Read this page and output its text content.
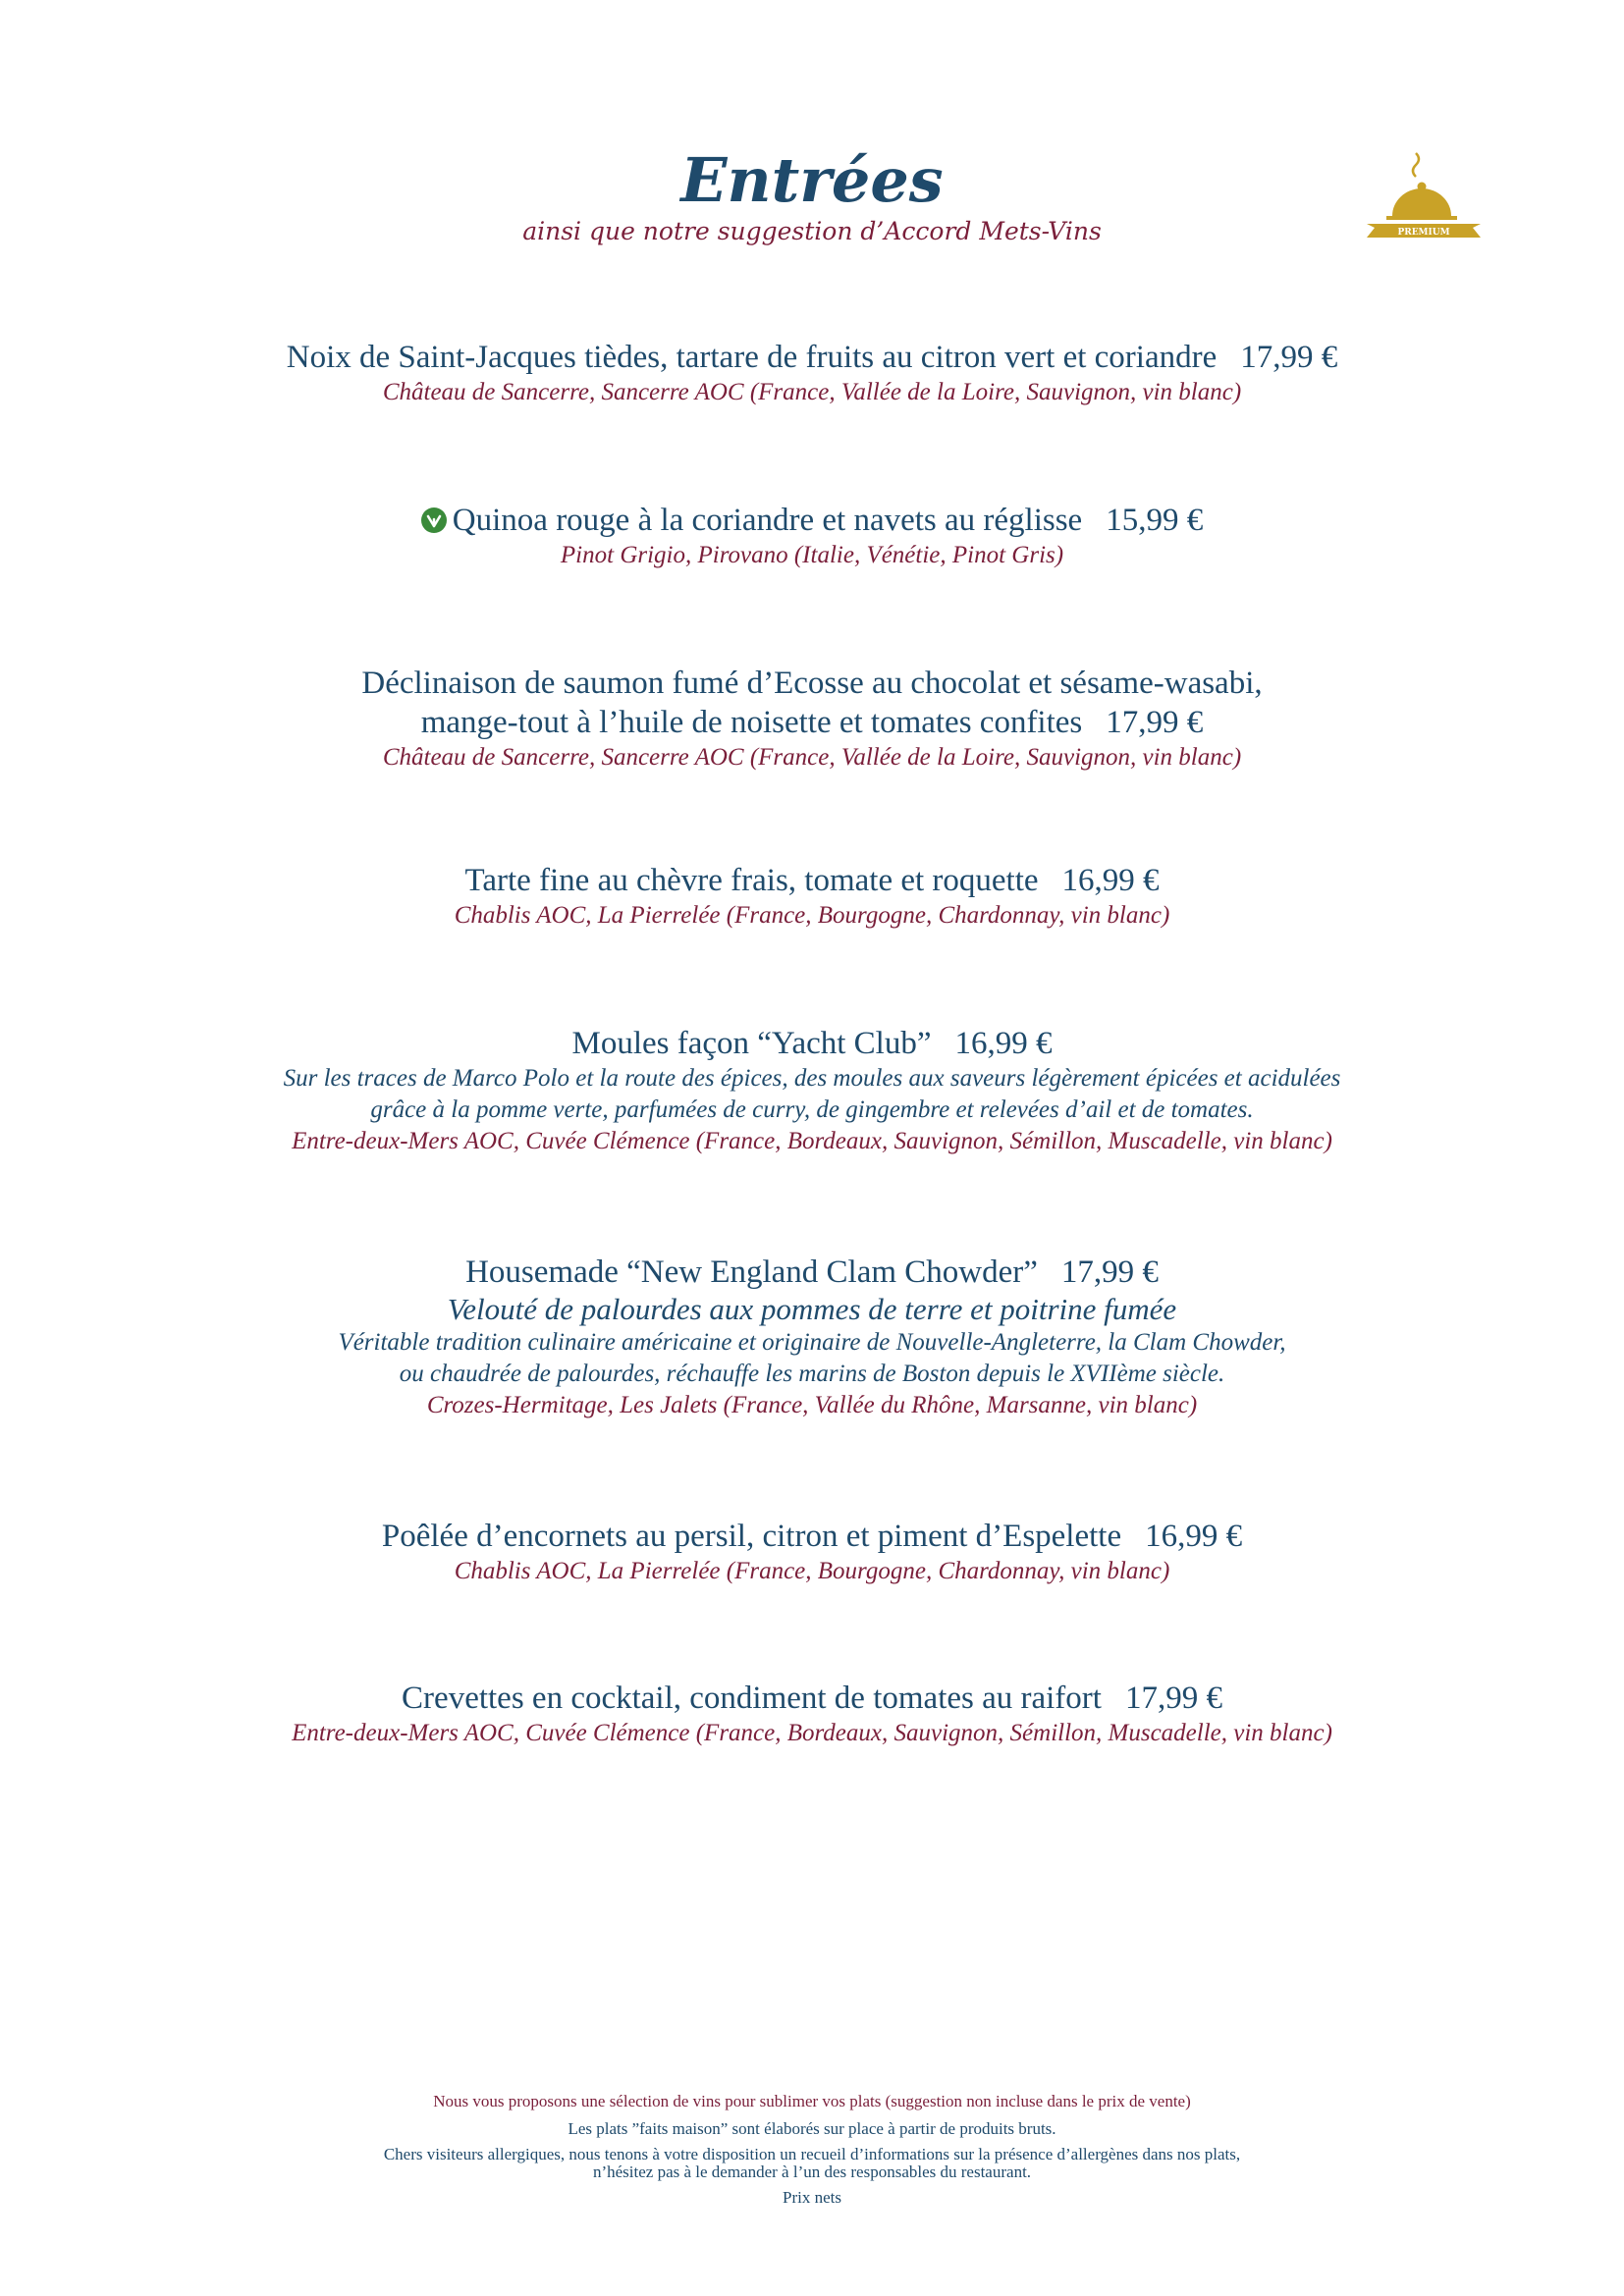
Entrées

ainsi que notre suggestion d’Accord Mets-Vins	PREMIUM
Noix de Saint-Jacques tièdes, tartare de fruits au citron vert et coriandre 17,99 €
Château de Sancerre, Sancerre AOC (France, Vallée de la Loire, Sauvignon, vin blanc)
Quinoa rouge à la coriandre et navets au réglisse 15,99 €
Pinot Grigio, Pirovano (Italie, Vénétie, Pinot Gris)
Déclinaison de saumon fumé d’Ecosse au chocolat et sésame-wasabi,
mange-tout à l’huile de noisette et tomates confites 17,99 €
Château de Sancerre, Sancerre AOC (France, Vallée de la Loire, Sauvignon, vin blanc)
Tarte fine au chèvre frais, tomate et roquette 16,99 €
Chablis AOC, La Pierrelée (France, Bourgogne, Chardonnay, vin blanc)
Moules façon “Yacht Club” 16,99 €
Sur les traces de Marco Polo et la route des épices, des moules aux saveurs légèrement épicées et acidulées
grâce à la pomme verte, parfumées de curry, de gingembre et relevées d’ail et de tomates.
Entre-deux-Mers AOC, Cuvée Clémence (France, Bordeaux, Sauvignon, Sémillon, Muscadelle, vin blanc)
Housemade “New England Clam Chowder” 17,99 €
Velouté de palourdes aux pommes de terre et poitrine fumée
Véritable tradition culinaire américaine et originaire de Nouvelle-Angleterre, la Clam Chowder,
ou chaudrée de palourdes, réchauffe les marins de Boston depuis le XVIIème siècle.
Crozes-Hermitage, Les Jalets (France, Vallée du Rhône, Marsanne, vin blanc)
Poêlée d’encornets au persil, citron et piment d’Espelette 16,99 €
Chablis AOC, La Pierrelée (France, Bourgogne, Chardonnay, vin blanc)
Crevettes en cocktail, condiment de tomates au raifort 17,99 €
Entre-deux-Mers AOC, Cuvée Clémence (France, Bordeaux, Sauvignon, Sémillon, Muscadelle, vin blanc)
Nous vous proposons une sélection de vins pour sublimer vos plats (suggestion non incluse dans le prix de vente)
Les plats ”faits maison” sont élaborés sur place à partir de produits bruts.
Chers visiteurs allergiques, nous tenons à votre disposition un recueil d’informations sur la présence d’allergènes dans nos plats,
n’hésitez pas à le demander à l’un des responsables du restaurant.
Prix nets
